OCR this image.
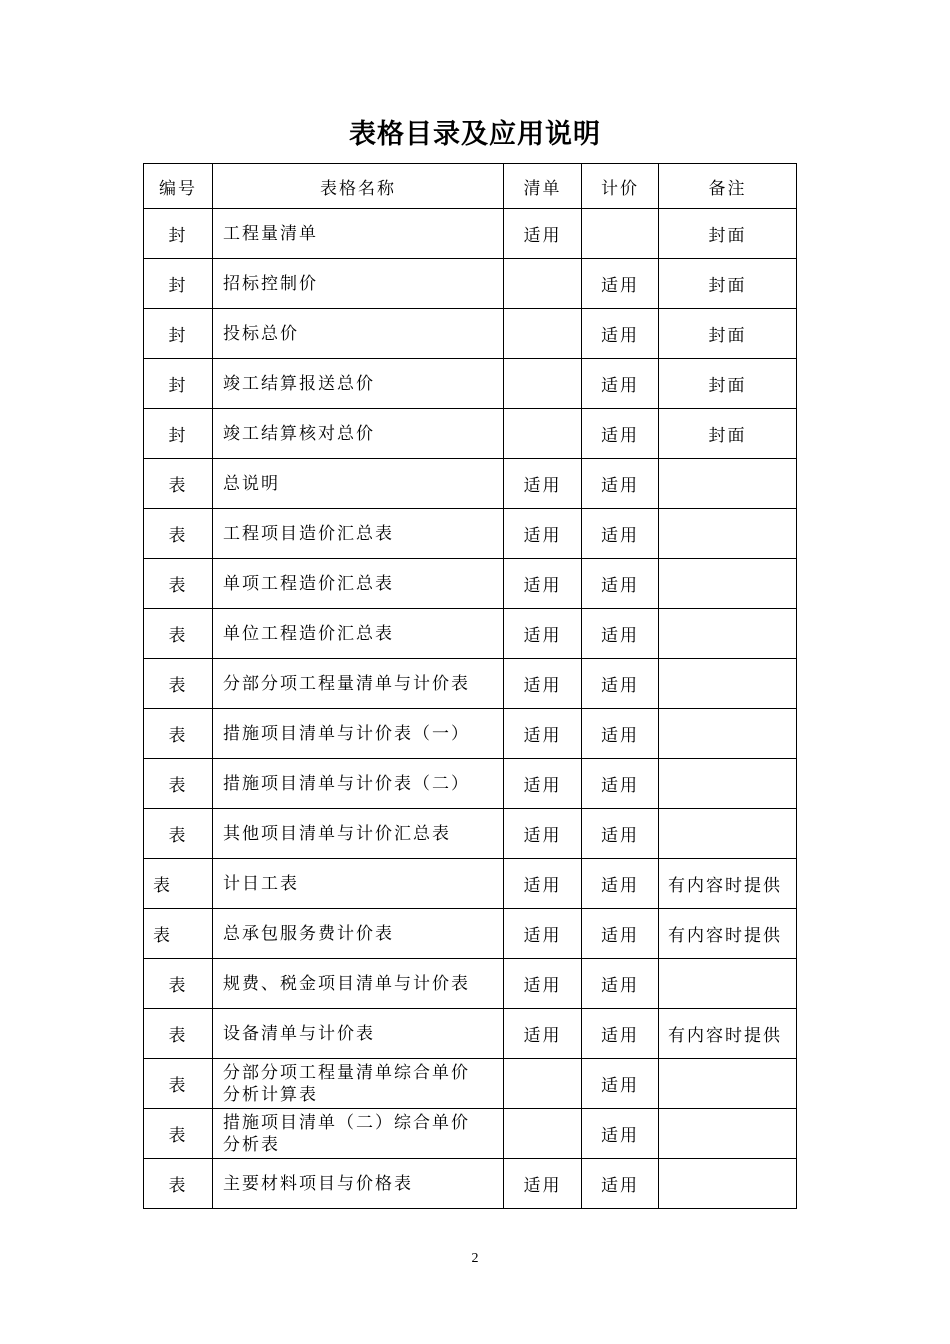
表格目录及应用说明
编号	表格名称	清单	计价	备注
封	工程量清单	适用		封面
封	招标控制价		适用	封面
封	投标总价		适用	封面
封	竣工结算报送总价		适用	封面
封	竣工结算核对总价		适用	封面
表	总说明	适用	适用	
表	工程项目造价汇总表	适用	适用	
表	单项工程造价汇总表	适用	适用	
表	单位工程造价汇总表	适用	适用	
表	分部分项工程量清单与计价表	适用	适用	
表	措施项目清单与计价表（一）	适用	适用	
表	措施项目清单与计价表（二）	适用	适用	
表	其他项目清单与计价汇总表	适用	适用	
表	计日工表	适用	适用	有内容时提供
表	总承包服务费计价表	适用	适用	有内容时提供
表	规费、税金项目清单与计价表	适用	适用	
表	设备清单与计价表	适用	适用	有内容时提供
表	分部分项工程量清单综合单价分析计算表		适用	
表	措施项目清单（二）综合单价分析表		适用	
表	主要材料项目与价格表	适用	适用	
2
